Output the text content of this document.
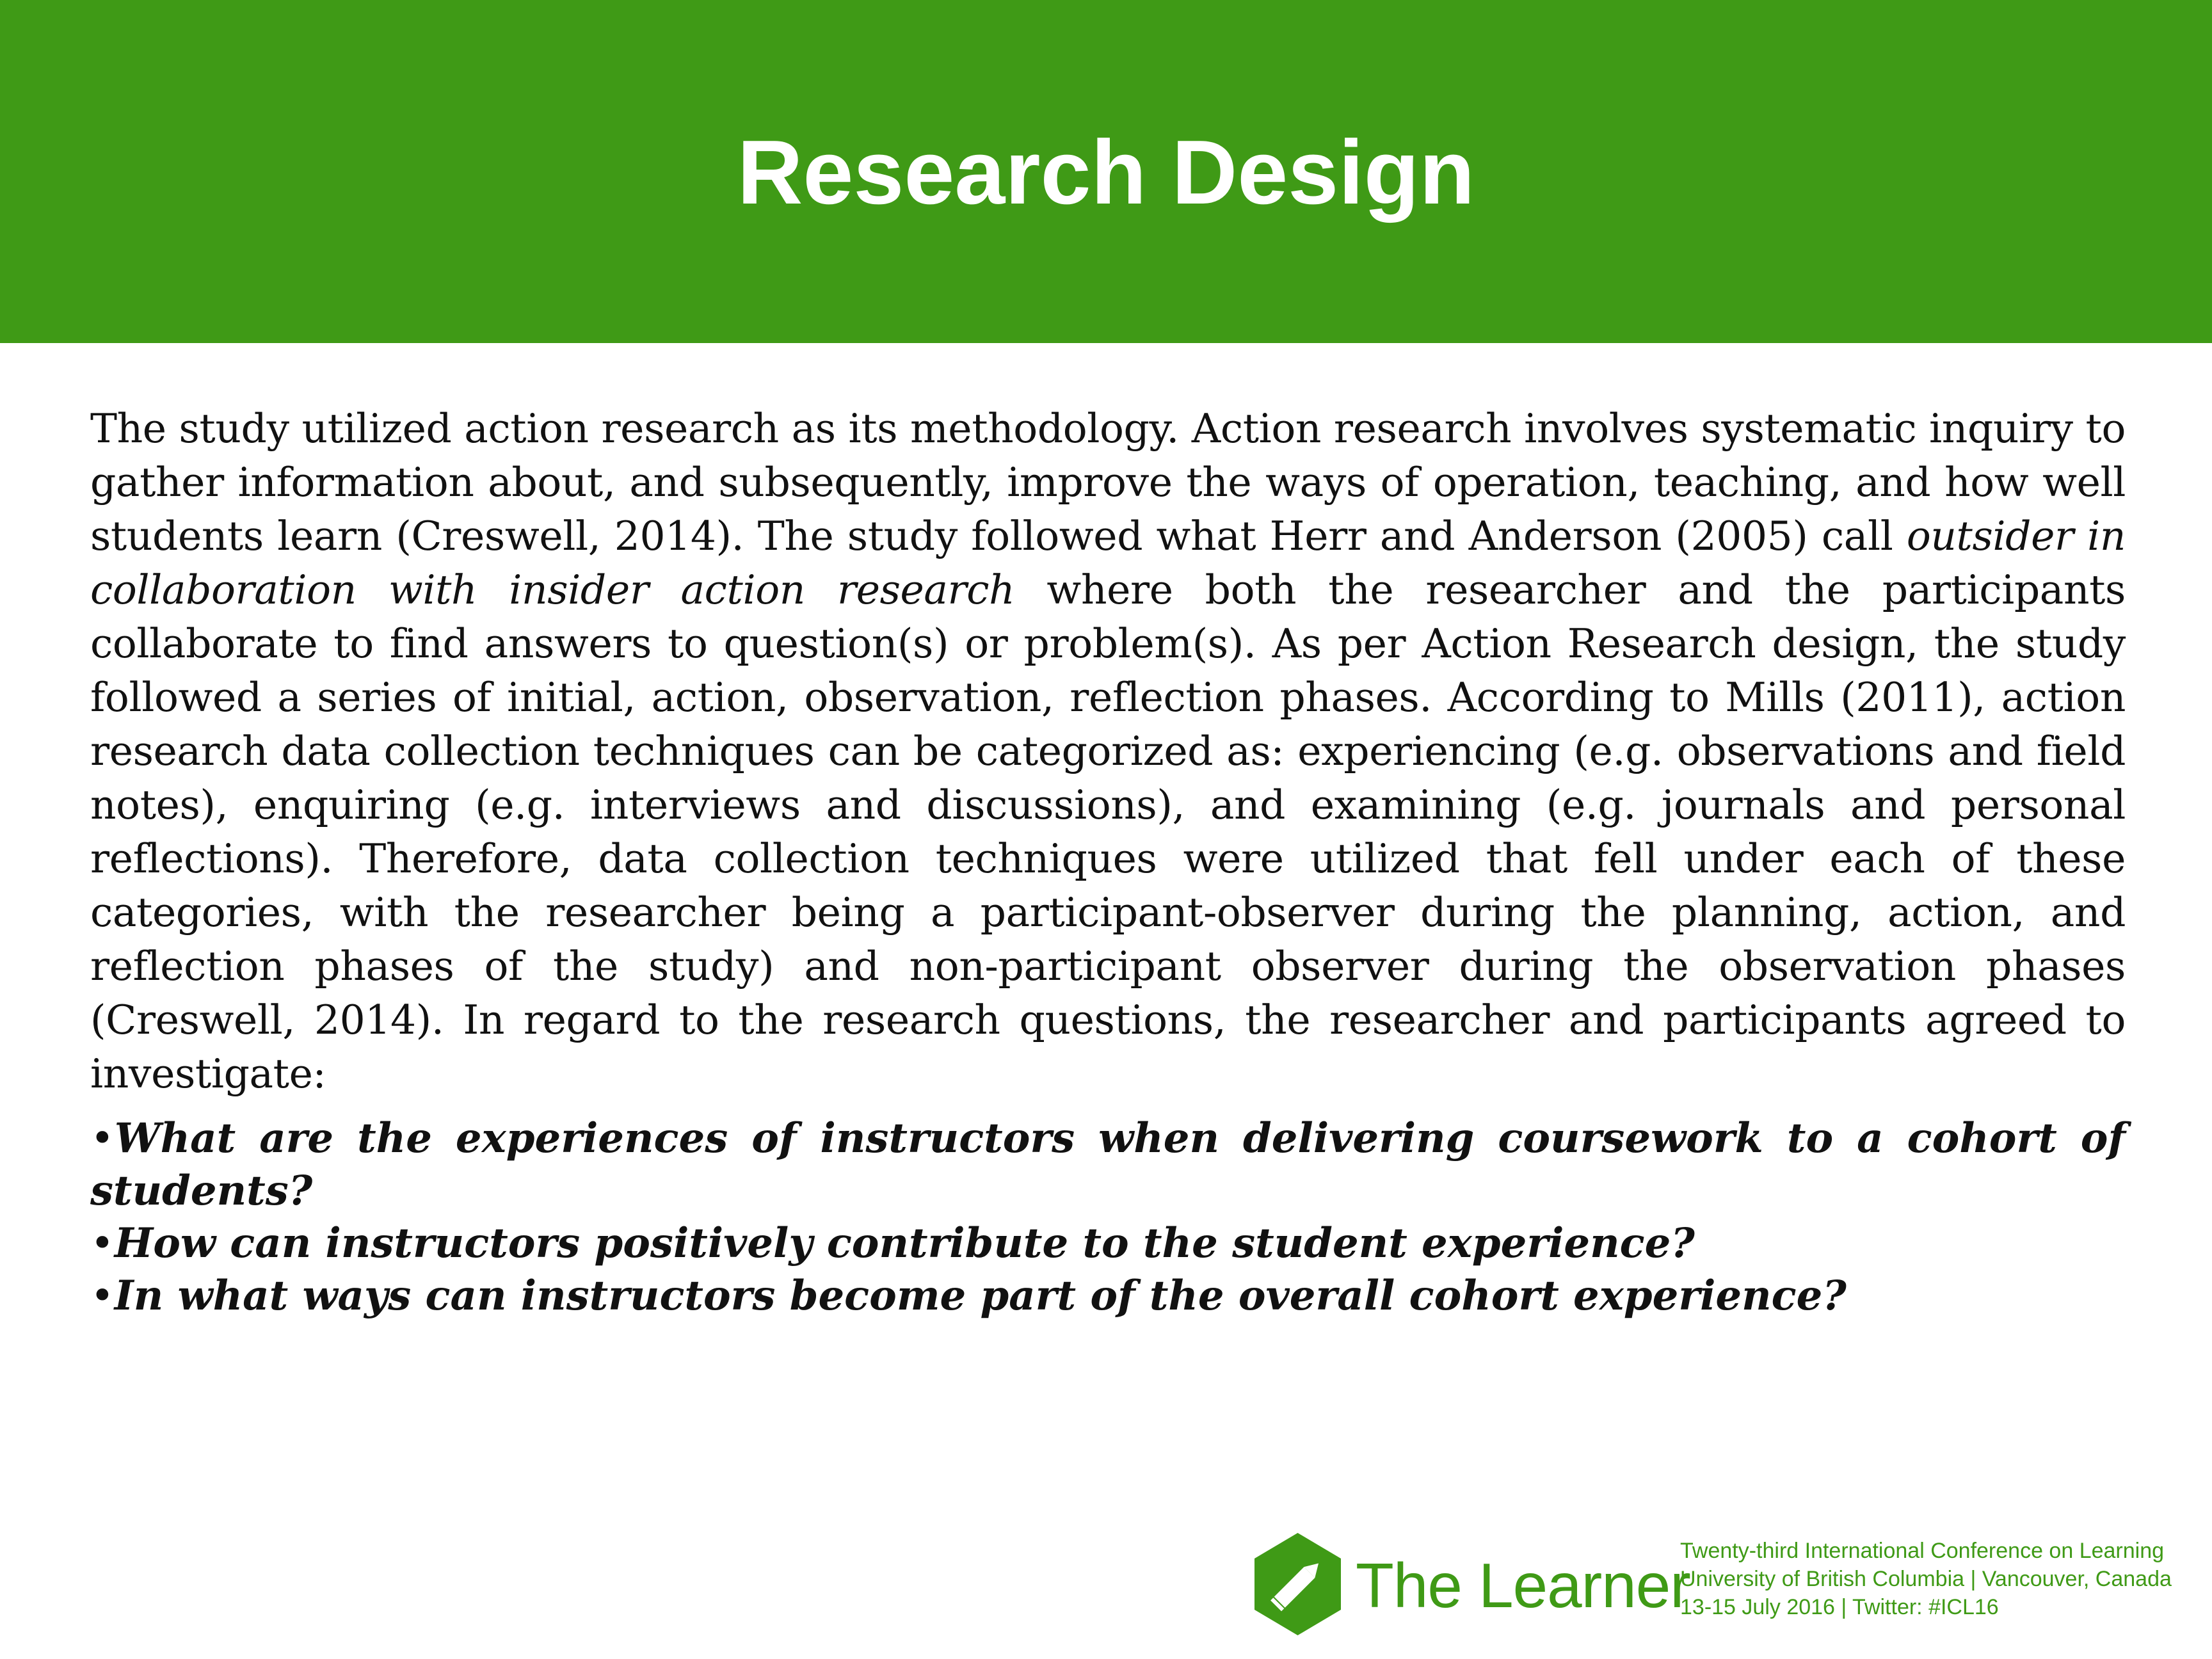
Research Design

The study utilized action research as its methodology. Action research involves systematic inquiry to gather information about, and subsequently, improve the ways of operation, teaching, and how well students learn (Creswell, 2014). The study followed what Herr and Anderson (2005) call outsider in collaboration with insider action research where both the researcher and the participants collaborate to find answers to question(s) or problem(s). As per Action Research design, the study followed a series of initial, action, observation, reflection phases. According to Mills (2011), action research data collection techniques can be categorized as: experiencing (e.g. observations and field notes), enquiring (e.g. interviews and discussions), and examining (e.g. journals and personal reflections). Therefore, data collection techniques were utilized that fell under each of these categories, with the researcher being a participant-observer during the planning, action, and reflection phases of the study) and non-participant observer during the observation phases (Creswell, 2014). In regard to the research questions, the researcher and participants agreed to investigate:

•What are the experiences of instructors when delivering coursework to a cohort of students?
•How can instructors positively contribute to the student experience?
•In what ways can instructors become part of the overall cohort experience?
The Learner
Twenty-third International Conference on Learning
University of British Columbia | Vancouver, Canada
13-15 July 2016 | Twitter: #ICL16
